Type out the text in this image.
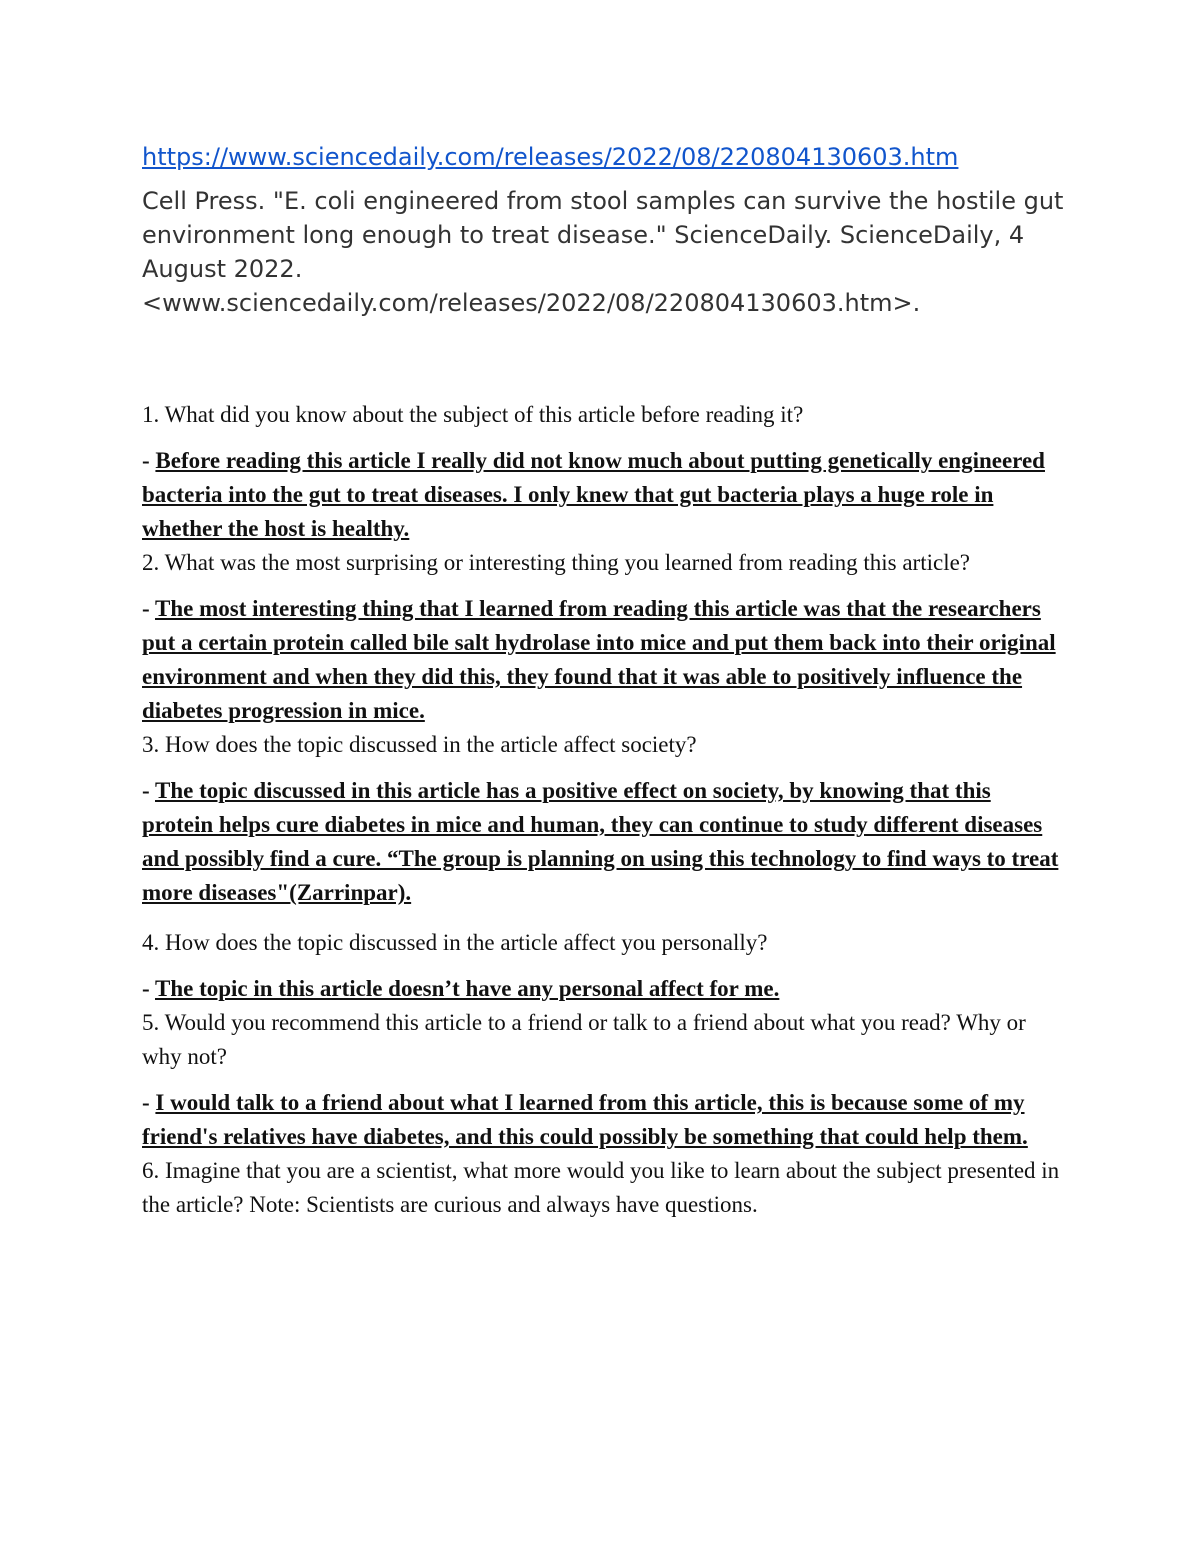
https://www.sciencedaily.com/releases/2022/08/220804130603.htm

Cell Press. "E. coli engineered from stool samples can survive the hostile gut environment long enough to treat disease." ScienceDaily. ScienceDaily, 4 August 2022. <www.sciencedaily.com/releases/2022/08/220804130603.htm>.

1. What did you know about the subject of this article before reading it?

- Before reading this article I really did not know much about putting genetically engineered bacteria into the gut to treat diseases. I only knew that gut bacteria plays a huge role in whether the host is healthy.

2. What was the most surprising or interesting thing you learned from reading this article?

- The most interesting thing that I learned from reading this article was that the researchers put a certain protein called bile salt hydrolase into mice and put them back into their original environment and when they did this, they found that it was able to positively influence the diabetes progression in mice.

3. How does the topic discussed in the article affect society?

- The topic discussed in this article has a positive effect on society, by knowing that this protein helps cure diabetes in mice and human, they can continue to study different diseases and possibly find a cure. “The group is planning on using this technology to find ways to treat more diseases"(Zarrinpar).

4. How does the topic discussed in the article affect you personally?

- The topic in this article doesn’t have any personal affect for me.

5. Would you recommend this article to a friend or talk to a friend about what you read? Why or why not?

- I would talk to a friend about what I learned from this article, this is because some of my friend's relatives have diabetes, and this could possibly be something that could help them.

6. Imagine that you are a scientist, what more would you like to learn about the subject presented in the article? Note: Scientists are curious and always have questions.
